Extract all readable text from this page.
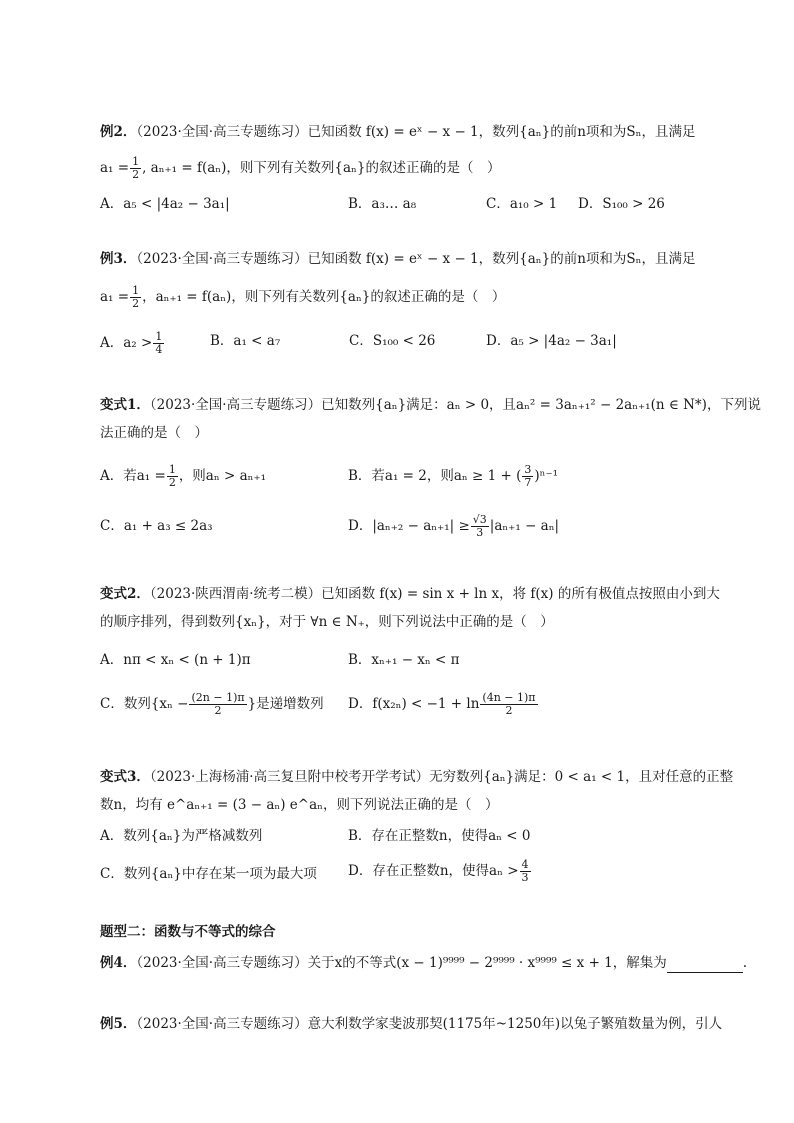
例2．（2023·全国·高三专题练习）已知函数 f(x) = eˣ − x − 1，数列{aₙ}的前n项和为Sₙ，且满足
$a_1 = \frac{1}{2}$ , aₙ₊₁ = f(aₙ)，则下列有关数列{aₙ}的叙述正确的是（　）
A．a₅ < |4a₂ − 3a₁|	B．a₃… a₈	C．a₁₀ > 1 D．S₁₀₀ > 26
例3．（2023·全国·高三专题练习）已知函数 f(x) = eˣ − x − 1，数列{aₙ}的前n项和为Sₙ，且满足
$a_1 = \frac{1}{2}$ ，aₙ₊₁ = f(aₙ)，则下列有关数列{aₙ}的叙述正确的是（　）
A．$a_2 > \frac{1}{4}$	B．a₁ < a₇	C．S₁₀₀ < 26	D．a₅ > |4a₂ − 3a₁|
变式1．（2023·全国·高三专题练习）已知数列{aₙ}满足：aₙ > 0，且aₙ² = 3aₙ₊₁² − 2aₙ₊₁(n ∈ N*)，下列说
法正确的是（　）
A．若$a_1 = \frac{1}{2}$ ，则aₙ > aₙ₊₁	B．若a₁ = 2，则aₙ ≥ 1 + ( $\frac{3}{7} )^{n-1}$
C．a₁ + a₃ ≤ 2a₃	D．$|a_{n+2} - a_{n+1}| \ge \frac{√3}{3} |a_{n+1} - a_n|$
变式2．（2023·陕西渭南·统考二模）已知函数 f(x) = sin x + ln x，将 f(x) 的所有极值点按照由小到大
的顺序排列，得到数列{xₙ}，对于 ∀n ∈ N₊，则下列说法中正确的是（　）
A．nπ < xₙ < (n + 1)π	B．xₙ₊₁ − xₙ < π
C．数列{$x_n - \frac{(2n - 1)\pi}{2}$ }是递增数列 D．$f(x_{2n}) < -1 + \ln \frac{(4n - 1)\pi}{2}$
变式3．（2023·上海杨浦·高三复旦附中校考开学考试）无穷数列{aₙ}满足：0 < a₁ < 1，且对任意的正整
数n，均有 e^aₙ₊₁ = (3 − aₙ) e^aₙ，则下列说法正确的是（　）
A．数列{aₙ}为严格减数列	B．存在正整数n，使得aₙ < 0
C．数列{aₙ}中存在某一项为最大项 D．存在正整数n，使得$a_n > \frac{4}{3}$
题型二：函数与不等式的综合
例4．（2023·全国·高三专题练习）关于x的不等式(x − 1)⁹⁹⁹⁹ − 2⁹⁹⁹⁹ · x⁹⁹⁹⁹ ≤ x + 1，解集为	.
例5．（2023·全国·高三专题练习）意大利数学家斐波那契(1175年~1250年)以兔子繁殖数量为例，引人
